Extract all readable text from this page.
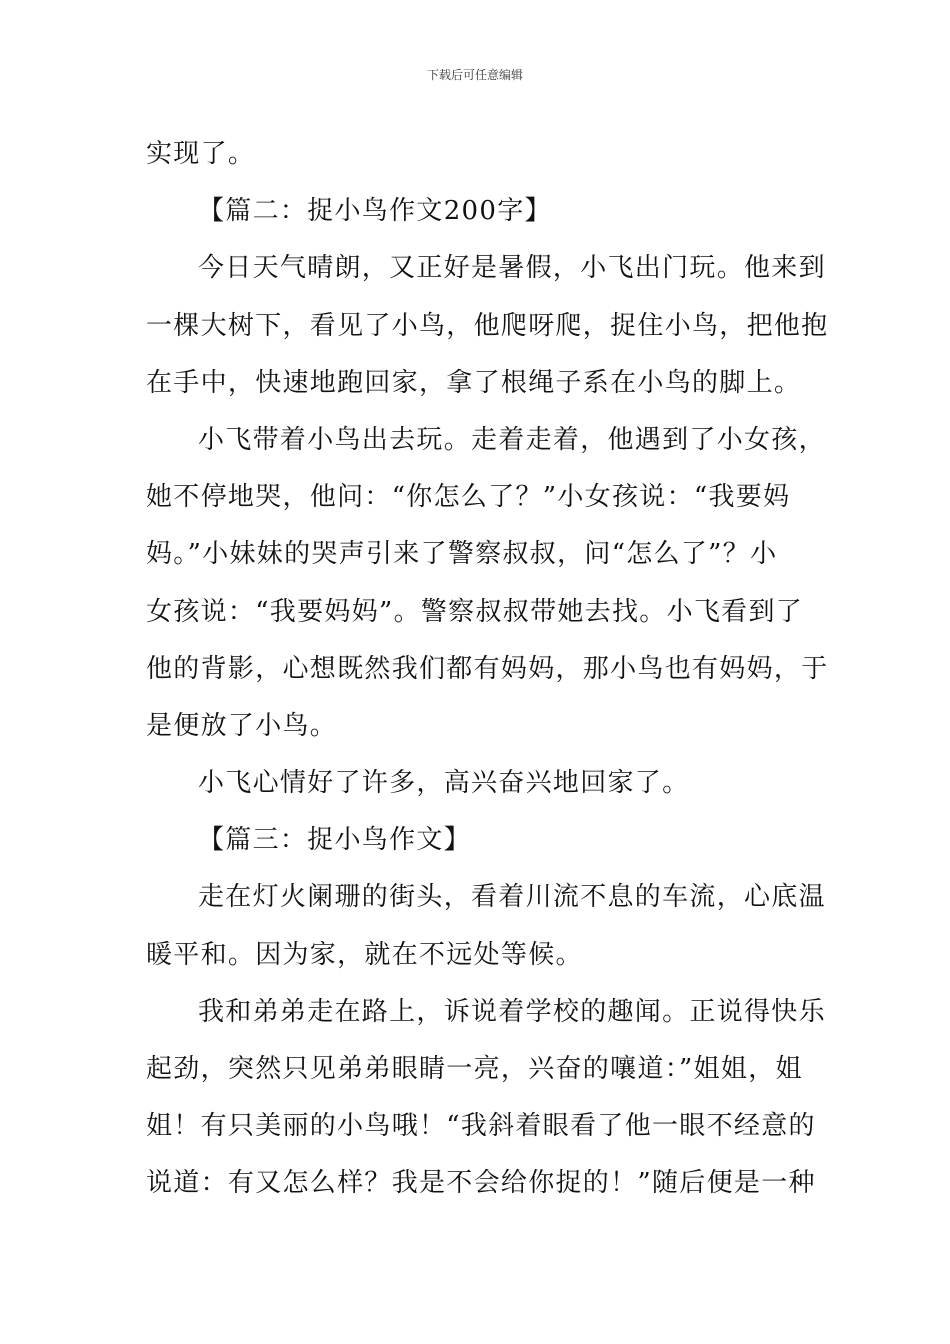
下载后可任意编辑
实现了。
【篇二：捉小鸟作文200字】
今日天气晴朗，又正好是暑假，小飞出门玩。他来到
一棵大树下，看见了小鸟，他爬呀爬，捉住小鸟，把他抱
在手中，快速地跑回家，拿了根绳子系在小鸟的脚上。
小飞带着小鸟出去玩。走着走着，他遇到了小女孩，
她不停地哭，他问：“你怎么了？”小女孩说：“我要妈
妈。”小妹妹的哭声引来了警察叔叔，问“怎么了”？小
女孩说：“我要妈妈”。警察叔叔带她去找。小飞看到了
他的背影，心想既然我们都有妈妈，那小鸟也有妈妈，于
是便放了小鸟。
小飞心情好了许多，高兴奋兴地回家了。
【篇三：捉小鸟作文】
走在灯火阑珊的街头，看着川流不息的车流，心底温
暖平和。因为家，就在不远处等候。
我和弟弟走在路上，诉说着学校的趣闻。正说得快乐
起劲，突然只见弟弟眼睛一亮，兴奋的嚷道：”姐姐，姐
姐！有只美丽的小鸟哦！“我斜着眼看了他一眼不经意的
说道：有又怎么样？我是不会给你捉的！”随后便是一种
